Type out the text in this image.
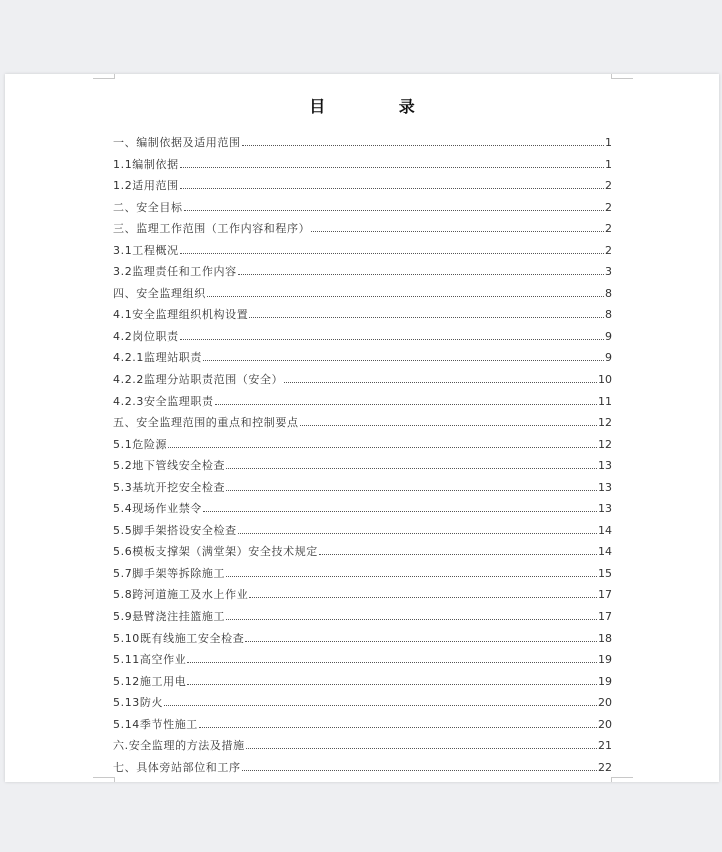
目 录
一、编制依据及适用范围	1
1.1编制依据	1
1.2适用范围	2
二、安全目标	2
三、监理工作范围（工作内容和程序）	2
3.1工程概况	2
3.2监理责任和工作内容	3
四、安全监理组织	8
4.1安全监理组织机构设置	8
4.2岗位职责	9
4.2.1监理站职责	9
4.2.2监理分站职责范围（安全）	10
4.2.3安全监理职责	11
五、安全监理范围的重点和控制要点	12
5.1危险源	12
5.2地下管线安全检查	13
5.3基坑开挖安全检查	13
5.4现场作业禁令	13
5.5脚手架搭设安全检查	14
5.6模板支撑架（满堂架）安全技术规定	14
5.7脚手架等拆除施工	15
5.8跨河道施工及水上作业	17
5.9悬臂浇注挂篮施工	17
5.10既有线施工安全检查	18
5.11高空作业	19
5.12施工用电	19
5.13防火	20
5.14季节性施工	20
六.安全监理的方法及措施	21
七、具体旁站部位和工序	22
